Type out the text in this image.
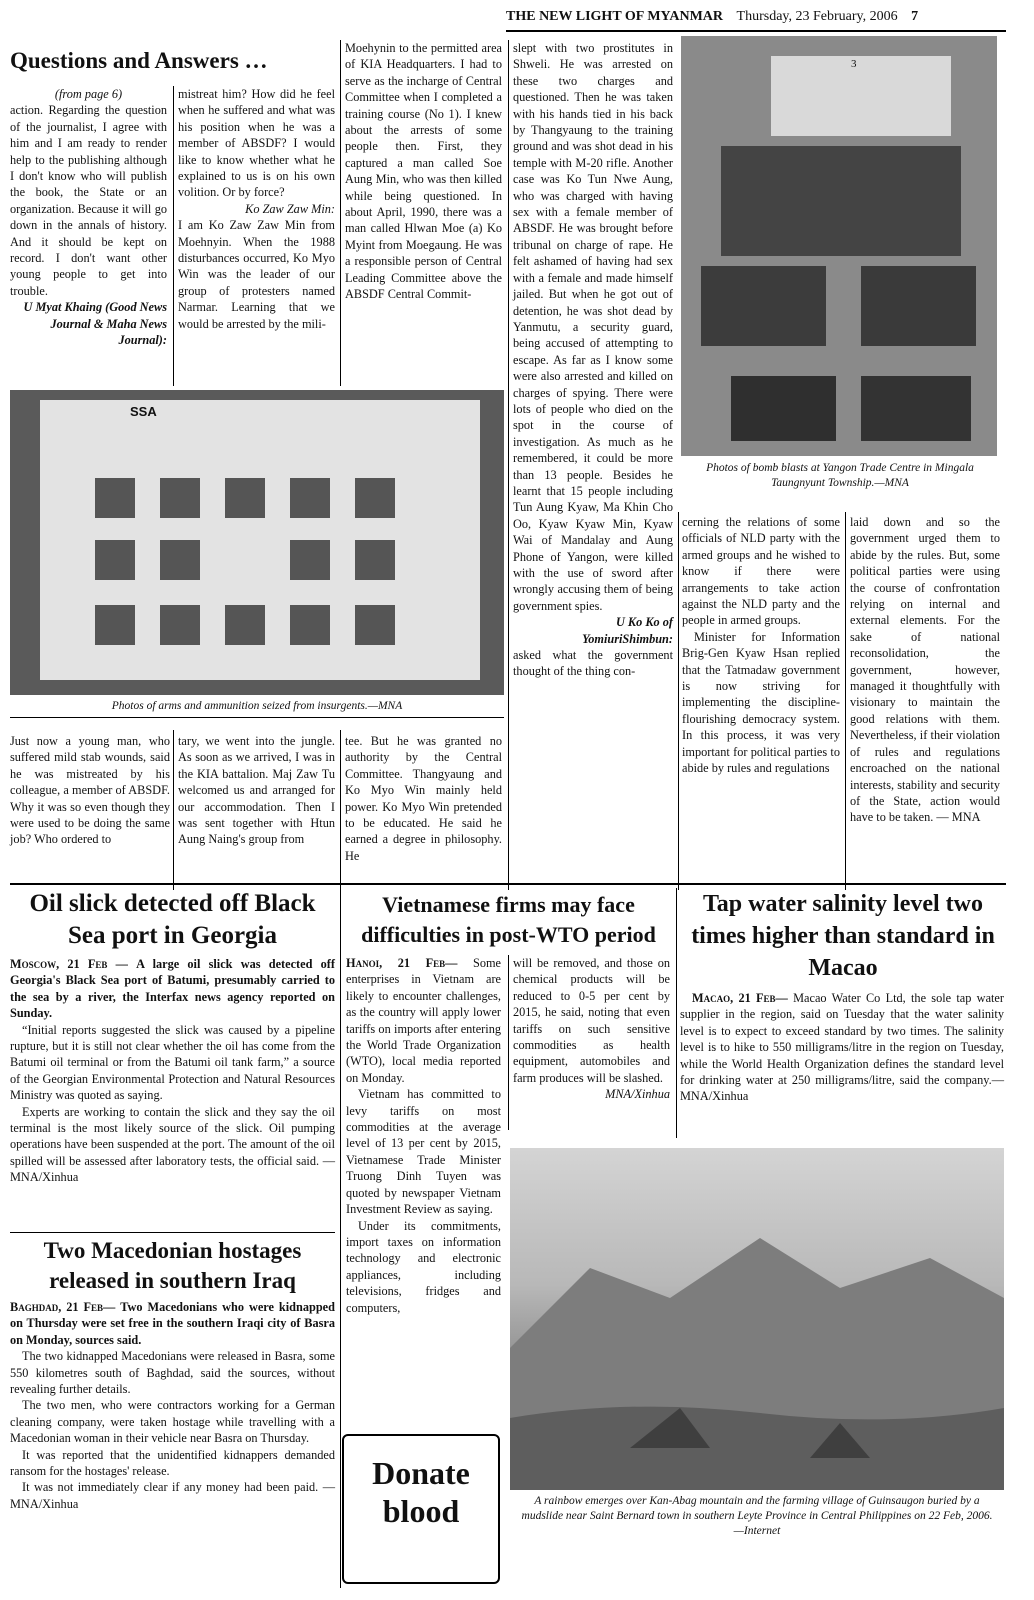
THE NEW LIGHT OF MYANMAR Thursday, 23 February, 2006 7
Questions and Answers …

(from page 6)

action. Regarding the question of the journalist, I agree with him and I am ready to render help to the publishing although I don't know who will publish the book, the State or an organization. Because it will go down in the annals of history. And it should be kept on record. I don't want other young people to get into trouble.

U Myat Khaing (Good News Journal & Maha News Journal):

mistreat him? How did he feel when he suffered and what was his position when he was a member of ABSDF? I would like to know whether what he explained to us is on his own volition. Or by force?

Ko Zaw Zaw Min:

I am Ko Zaw Zaw Min from Moehnyin. When the 1988 disturbances occurred, Ko Myo Win was the leader of our group of protesters named Narmar. Learning that we would be arrested by the mili-

Moehynin to the permitted area of KIA Headquarters. I had to serve as the incharge of Central Committee when I completed a training course (No 1). I knew about the arrests of some people then. First, they captured a man called Soe Aung Min, who was then killed while being questioned. In about April, 1990, there was a man called Hlwan Moe (a) Ko Myint from Moegaung. He was a responsible person of Central Leading Committee above the ABSDF Central Commit-

slept with two prostitutes in Shweli. He was arrested on these two charges and questioned. Then he was taken with his hands tied in his back by Thangyaung to the training ground and was shot dead in his temple with M-20 rifle. Another case was Ko Tun Nwe Aung, who was charged with having sex with a female member of ABSDF. He was brought before tribunal on charge of rape. He felt ashamed of having had sex with a female and made himself jailed. But when he got out of detention, he was shot dead by Yanmutu, a security guard, being accused of attempting to escape. As far as I know some were also arrested and killed on charges of spying. There were lots of people who died on the spot in the course of investigation. As much as he remembered, it could be more than 13 people. Besides he learnt that 15 people including Tun Aung Kyaw, Ma Khin Cho Oo, Kyaw Kyaw Min, Kyaw Wai of Mandalay and Aung Phone of Yangon, were killed with the use of sword after wrongly accusing them of being government spies.

U Ko Ko of YomiuriShimbun:

asked what the government thought of the thing con-

3
Photos of bomb blasts at Yangon Trade Centre in Mingala Taungnyunt Township.—MNA
SSA
Photos of arms and ammunition seized from insurgents.—MNA

Just now a young man, who suffered mild stab wounds, said he was mistreated by his colleague, a member of ABSDF. Why it was so even though they were used to be doing the same job? Who ordered to

tary, we went into the jungle. As soon as we arrived, I was in the KIA battalion. Maj Zaw Tu welcomed us and arranged for our accommodation. Then I was sent together with Htun Aung Naing's group from

tee. But he was granted no authority by the Central Committee. Thangyaung and Ko Myo Win mainly held power. Ko Myo Win pretended to be educated. He said he earned a degree in philosophy. He

cerning the relations of some officials of NLD party with the armed groups and he wished to know if there were arrangements to take action against the NLD party and the people in armed groups.

Minister for Information Brig-Gen Kyaw Hsan replied that the Tatmadaw government is now striving for implementing the discipline-flourishing democracy system. In this process, it was very important for political parties to abide by rules and regulations

laid down and so the government urged them to abide by the rules. But, some political parties were using the course of confrontation relying on internal and external elements. For the sake of national reconsolidation, the government, however, managed it thoughtfully with visionary to maintain the good relations with them. Nevertheless, if their violation of rules and regulations encroached on the national interests, stability and security of the State, action would have to be taken. — MNA

Oil slick detected off Black Sea port in Georgia

Moscow, 21 Feb — A large oil slick was detected off Georgia's Black Sea port of Batumi, presumably carried to the sea by a river, the Interfax news agency reported on Sunday.

“Initial reports suggested the slick was caused by a pipeline rupture, but it is still not clear whether the oil has come from the Batumi oil terminal or from the Batumi oil tank farm,” a source of the Georgian Environmental Protection and Natural Resources Ministry was quoted as saying.

Experts are working to contain the slick and they say the oil terminal is the most likely source of the slick. Oil pumping operations have been suspended at the port. The amount of the oil spilled will be assessed after laboratory tests, the official said. —MNA/Xinhua

Two Macedonian hostages released in southern Iraq

Baghdad, 21 Feb— Two Macedonians who were kidnapped on Thursday were set free in the southern Iraqi city of Basra on Monday, sources said.

The two kidnapped Macedonians were released in Basra, some 550 kilometres south of Baghdad, said the sources, without revealing further details.

The two men, who were contractors working for a German cleaning company, were taken hostage while travelling with a Macedonian woman in their vehicle near Basra on Thursday.

It was reported that the unidentified kidnappers demanded ransom for the hostages' release.

It was not immediately clear if any money had been paid. — MNA/Xinhua

Vietnamese firms may face difficulties in post-WTO period

Hanoi, 21 Feb— Some enterprises in Vietnam are likely to encounter challenges, as the country will apply lower tariffs on imports after entering the World Trade Organization (WTO), local media reported on Monday.

Vietnam has committed to levy tariffs on most commodities at the average level of 13 per cent by 2015, Vietnamese Trade Minister Truong Dinh Tuyen was quoted by newspaper Vietnam Investment Review as saying.

Under its commitments, import taxes on information technology and electronic appliances, including televisions, fridges and computers,

will be removed, and those on chemical products will be reduced to 0-5 per cent by 2015, he said, noting that even tariffs on such sensitive commodities as health equipment, automobiles and farm produces will be slashed.

MNA/Xinhua

Donate
blood
Tap water salinity level two times higher than standard in Macao

Macao, 21 Feb— Macao Water Co Ltd, the sole tap water supplier in the region, said on Tuesday that the water salinity level is to expect to exceed standard by two times. The salinity level is to hike to 550 milligrams/litre in the region on Tuesday, while the World Health Organization defines the standard level for drinking water at 250 milligrams/litre, said the company.— MNA/Xinhua

A rainbow emerges over Kan-Abag mountain and the farming village of Guinsaugon buried by a mudslide near Saint Bernard town in southern Leyte Province in Central Philippines on 22 Feb, 2006. —Internet
